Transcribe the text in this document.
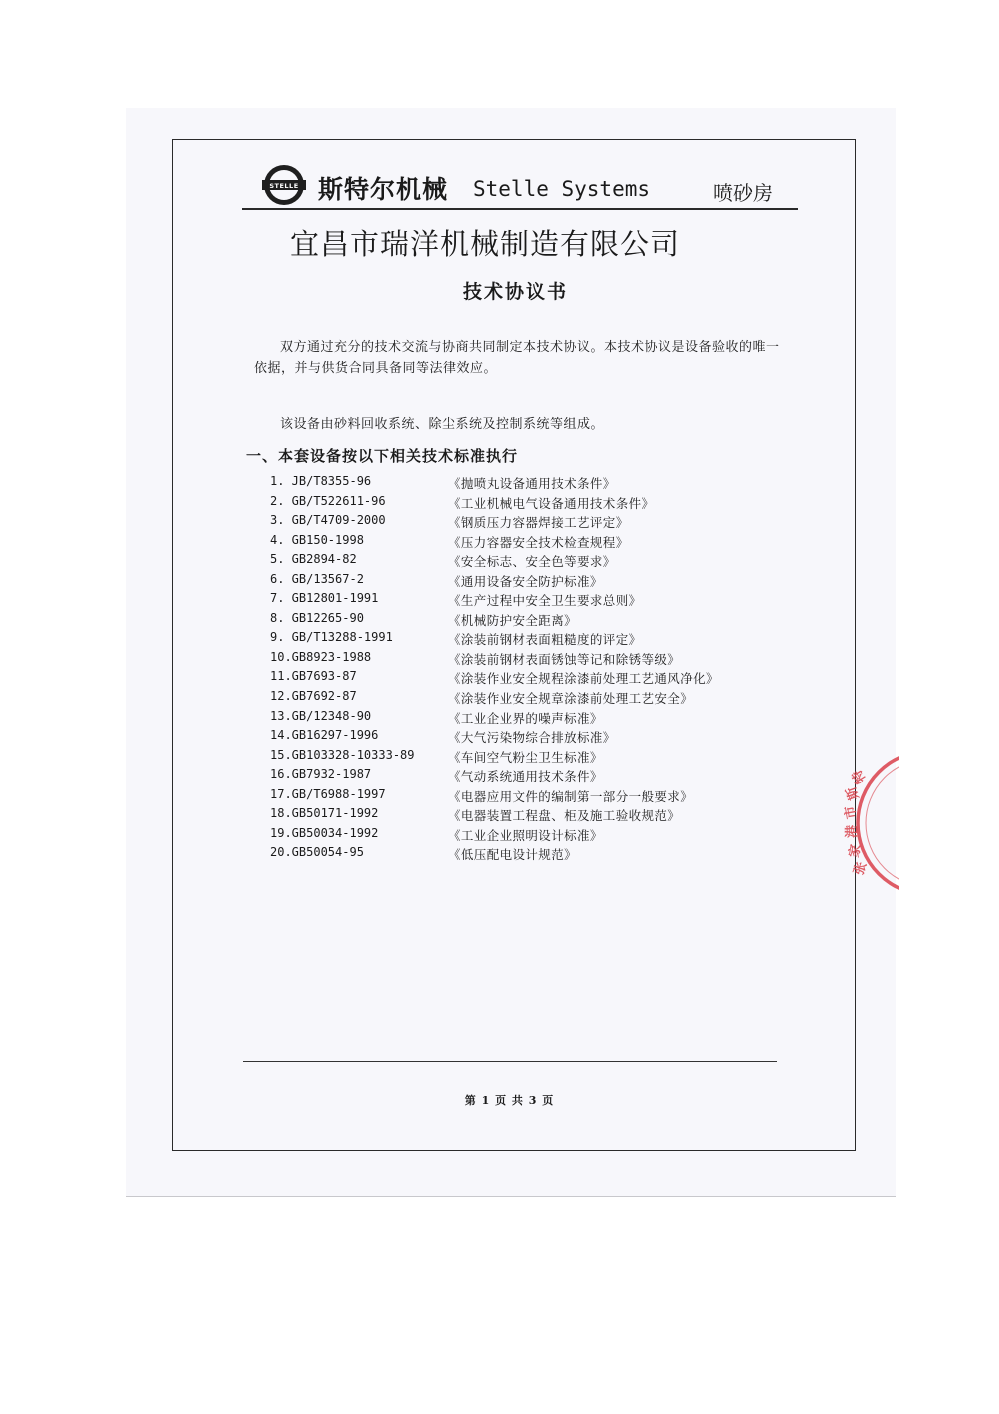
STELLE 斯特尔机械 Stelle Systems	喷砂房
宜昌市瑞洋机械制造有限公司
技术协议书

双方通过充分的技术交流与协商共同制定本技术协议。本技术协议是设备验收的唯一依据，并与供货合同具备同等法律效应。

该设备由砂料回收系统、除尘系统及控制系统等组成。

一、本套设备按以下相关技术标准执行
1. JB/T8355-96	《抛喷丸设备通用技术条件》
2. GB/T522611-96	《工业机械电气设备通用技术条件》
3. GB/T4709-2000	《钢质压力容器焊接工艺评定》
4. GB150-1998	《压力容器安全技术检查规程》
5. GB2894-82	《安全标志、安全色等要求》
6. GB/13567-2	《通用设备安全防护标准》
7. GB12801-1991	《生产过程中安全卫生要求总则》
8. GB12265-90	《机械防护安全距离》
9. GB/T13288-1991	《涂装前钢材表面粗糙度的评定》
10.GB8923-1988	《涂装前钢材表面锈蚀等记和除锈等级》
11.GB7693-87	《涂装作业安全规程涂漆前处理工艺通风净化》
12.GB7692-87	《涂装作业安全规章涂漆前处理工艺安全》
13.GB/12348-90	《工业企业界的噪声标准》
14.GB16297-1996	《大气污染物综合排放标准》
15.GB103328-10333-89	《车间空气粉尘卫生标准》
16.GB7932-1987	《气动系统通用技术条件》
17.GB/T6988-1997	《电器应用文件的编制第一部分一般要求》
18.GB50171-1992	《电器装置工程盘、柜及施工验收规范》
19.GB50034-1992	《工业企业照明设计标准》
20.GB50054-95	《低压配电设计规范》
第 1 页 共 3 页
张
家
港
市
斯
特
